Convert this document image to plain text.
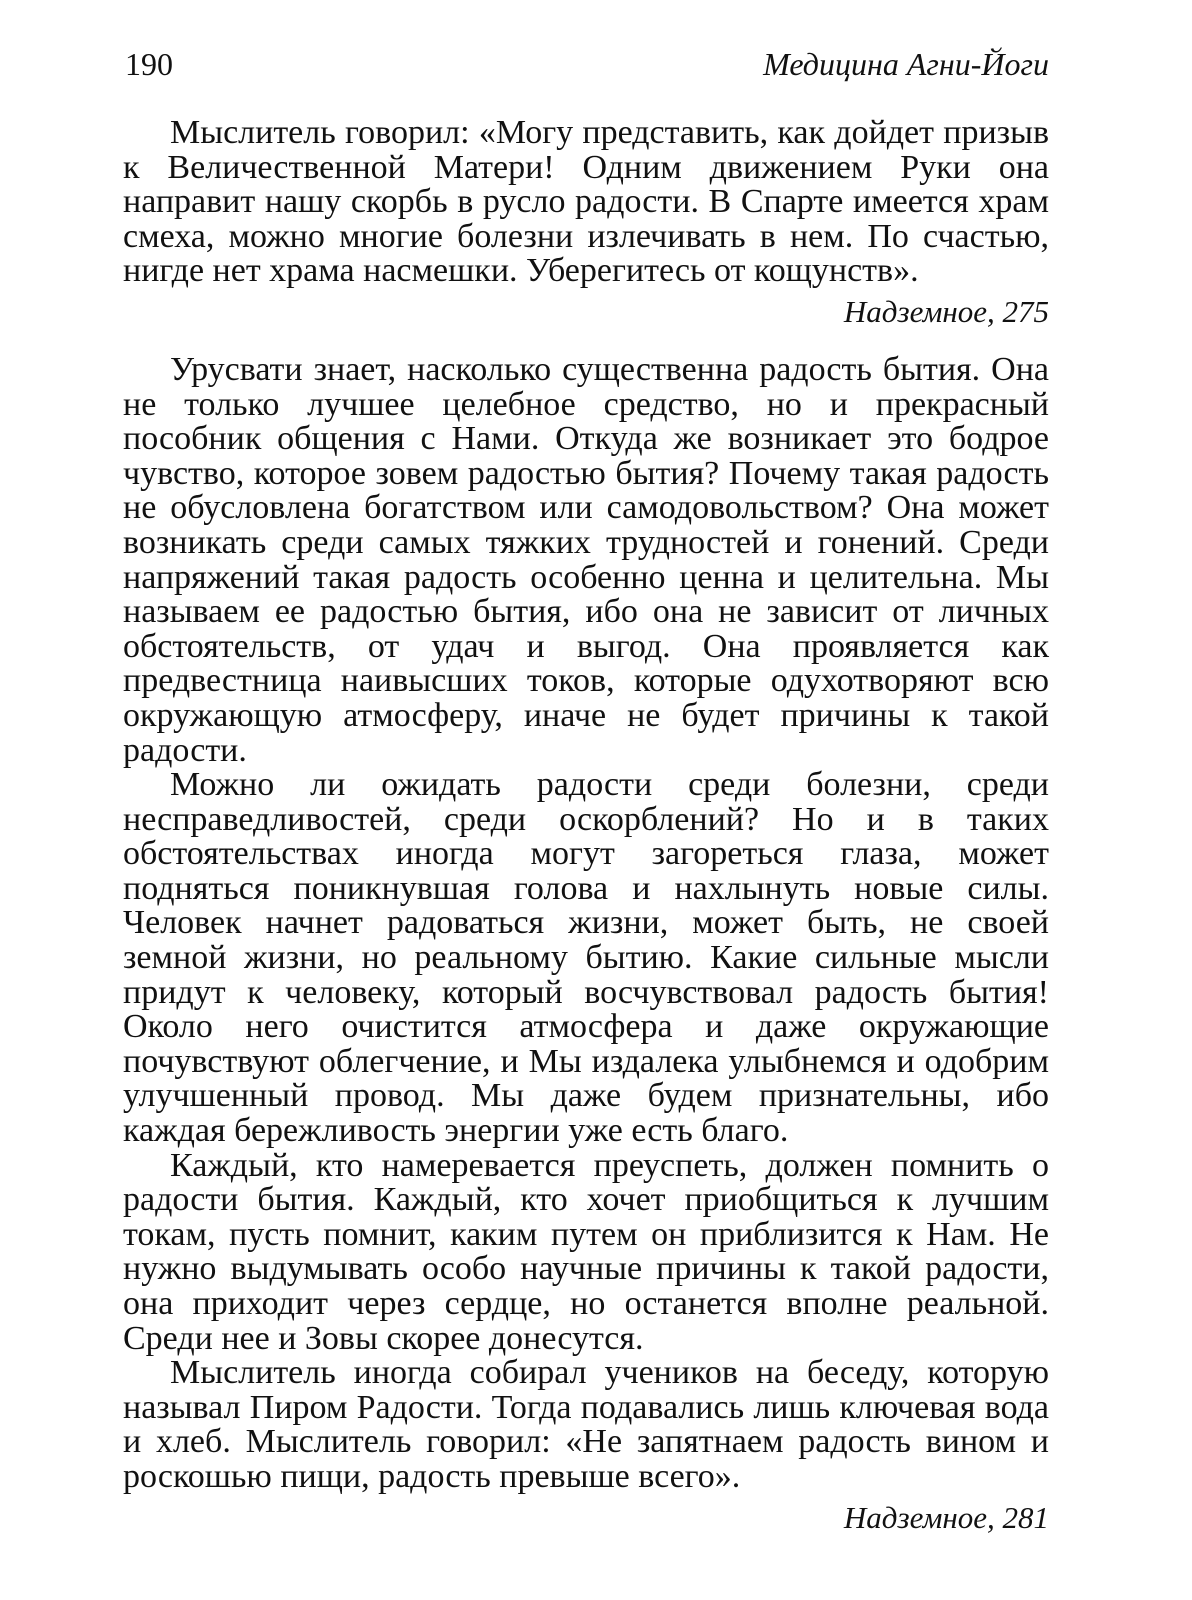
190	Медицина Агни-Йоги

Мыслитель говорил: «Могу представить, как дойдет призыв к Величественной Матери! Одним движением Руки она направит нашу скорбь в русло радости. В Спарте имеется храм смеха, можно многие болезни излечивать в нем. По счастью, нигде нет храма насмешки. Уберегитесь от кощунств».

Надземное, 275

Урусвати знает, насколько существенна радость бытия. Она не только лучшее целебное средство, но и прекрасный пособник общения с Нами. Откуда же возникает это бодрое чувство, которое зовем радостью бытия? Почему такая радость не обусловлена богатством или самодовольством? Она может возникать среди самых тяжких трудностей и гонений. Среди напряжений такая радость особенно ценна и целительна. Мы называем ее радостью бытия, ибо она не зависит от личных обстоятельств, от удач и выгод. Она проявляется как предвестница наивысших токов, которые одухотворяют всю окружающую атмосферу, иначе не будет причины к такой радости.

Можно ли ожидать радости среди болезни, среди несправедливостей, среди оскорблений? Но и в таких обстоятельствах иногда могут загореться глаза, может подняться поникнувшая голова и нахлынуть новые силы. Человек начнет радоваться жизни, может быть, не своей земной жизни, но реальному бытию. Какие сильные мысли придут к человеку, который восчувствовал радость бытия! Около него очистится атмосфера и даже окружающие почувствуют облегчение, и Мы издалека улыбнемся и одобрим улучшенный провод. Мы даже будем признательны, ибо каждая бережливость энергии уже есть благо.

Каждый, кто намеревается преуспеть, должен помнить о радости бытия. Каждый, кто хочет приобщиться к лучшим токам, пусть помнит, каким путем он приблизится к Нам. Не нужно выдумывать особо научные причины к такой радости, она приходит через сердце, но останется вполне реальной. Среди нее и Зовы скорее донесутся.

Мыслитель иногда собирал учеников на беседу, которую называл Пиром Радости. Тогда подавались лишь ключевая вода и хлеб. Мыслитель говорил: «Не запятнаем радость вином и роскошью пищи, радость превыше всего».

Надземное, 281
